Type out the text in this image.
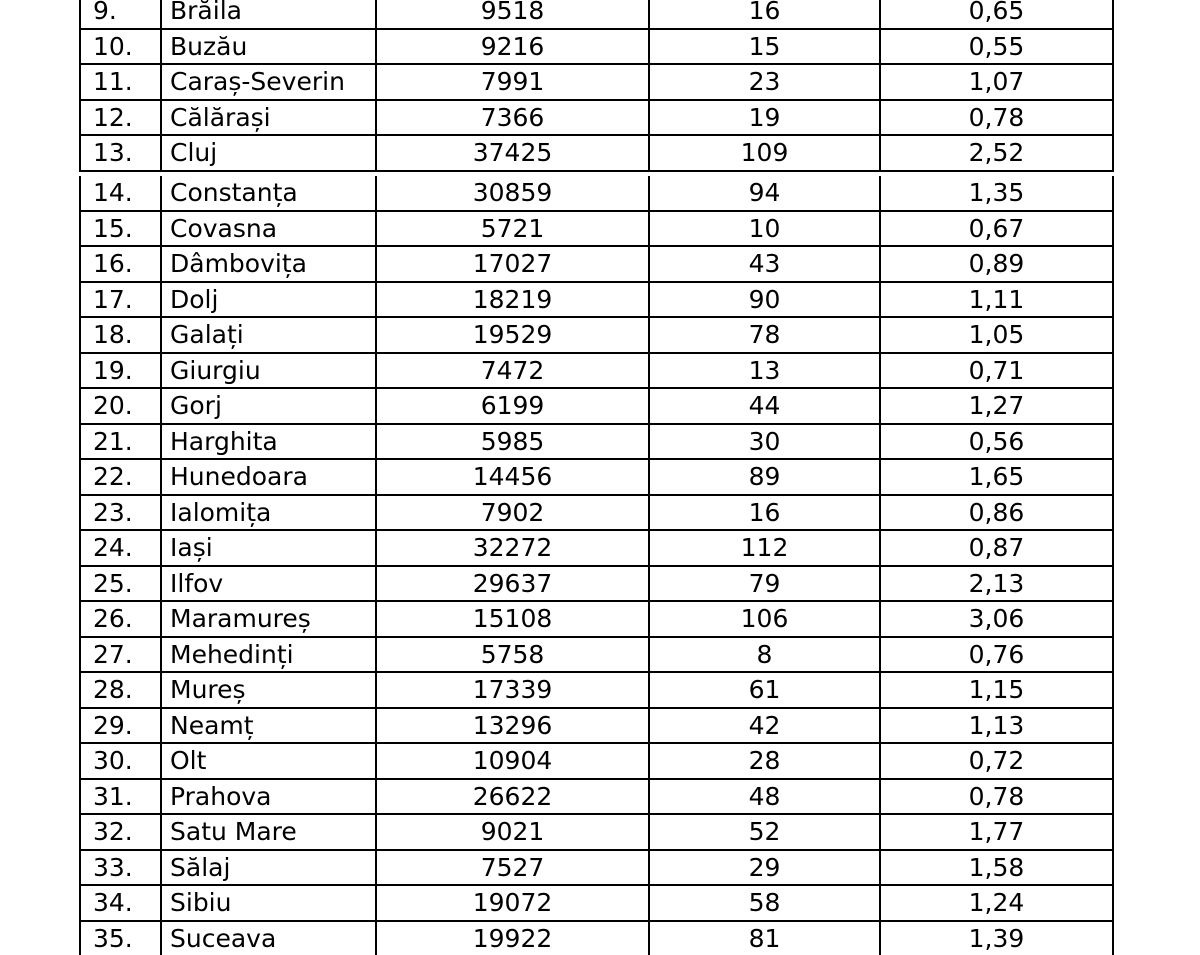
9.	Brăila	9518	16	0,65
10.	Buzău	9216	15	0,55
11.	Caraș-Severin	7991	23	1,07
12.	Călărași	7366	19	0,78
13.	Cluj	37425	109	2,52
14.	Constanța	30859	94	1,35
15.	Covasna	5721	10	0,67
16.	Dâmbovița	17027	43	0,89
17.	Dolj	18219	90	1,11
18.	Galați	19529	78	1,05
19.	Giurgiu	7472	13	0,71
20.	Gorj	6199	44	1,27
21.	Harghita	5985	30	0,56
22.	Hunedoara	14456	89	1,65
23.	Ialomița	7902	16	0,86
24.	Iași	32272	112	0,87
25.	Ilfov	29637	79	2,13
26.	Maramureș	15108	106	3,06
27.	Mehedinți	5758	8	0,76
28.	Mureș	17339	61	1,15
29.	Neamț	13296	42	1,13
30.	Olt	10904	28	0,72
31.	Prahova	26622	48	0,78
32.	Satu Mare	9021	52	1,77
33.	Sălaj	7527	29	1,58
34.	Sibiu	19072	58	1,24
35.	Suceava	19922	81	1,39
